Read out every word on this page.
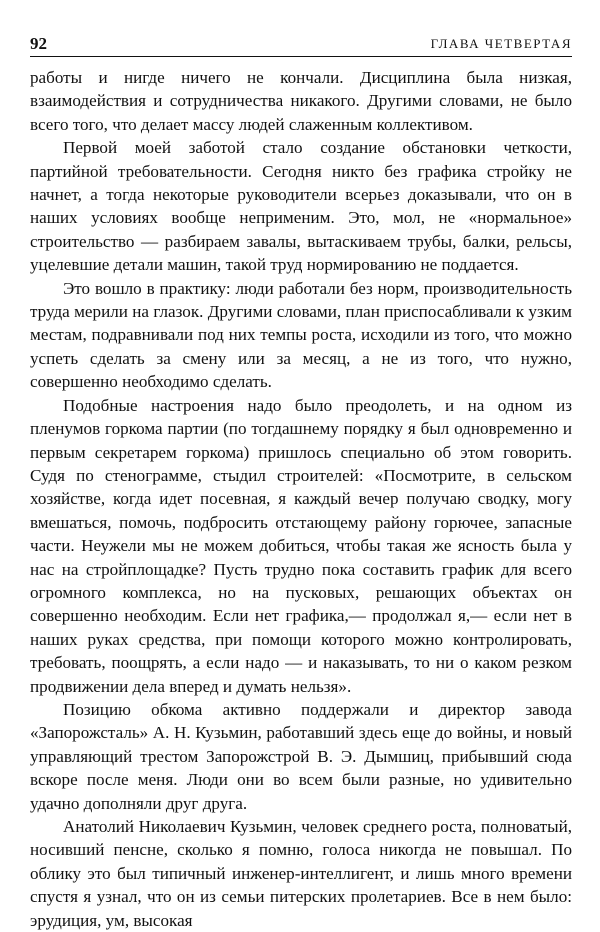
92	ГЛАВА ЧЕТВЕРТАЯ

работы и нигде ничего не кончали. Дисциплина была низкая, взаимодействия и сотрудничества никакого. Другими словами, не было всего того, что делает массу людей слаженным коллективом.

Первой моей заботой стало создание обстановки четкости, партийной требовательности. Сегодня никто без графика стройку не начнет, а тогда некоторые руководители всерьез доказывали, что он в наших условиях вообще неприменим. Это, мол, не «нормальное» строительство — разбираем завалы, вытаскиваем трубы, балки, рельсы, уцелевшие детали машин, такой труд нормированию не поддается.

Это вошло в практику: люди работали без норм, производительность труда мерили на глазок. Другими словами, план приспосабливали к узким местам, подравнивали под них темпы роста, исходили из того, что можно успеть сделать за смену или за месяц, а не из того, что нужно, совершенно необходимо сделать.

Подобные настроения надо было преодолеть, и на одном из пленумов горкома партии (по тогдашнему порядку я был одновременно и первым секретарем горкома) пришлось специально об этом говорить. Судя по стенограмме, стыдил строителей: «Посмотрите, в сельском хозяйстве, когда идет посевная, я каждый вечер получаю сводку, могу вмешаться, помочь, подбросить отстающему району горючее, запасные части. Неужели мы не можем добиться, чтобы такая же ясность была у нас на стройплощадке? Пусть трудно пока составить график для всего огромного комплекса, но на пусковых, решающих объектах он совершенно необходим. Если нет графика,— продолжал я,— если нет в наших руках средства, при помощи которого можно контролировать, требовать, поощрять, а если надо — и наказывать, то ни о каком резком продвижении дела вперед и думать нельзя».

Позицию обкома активно поддержали и директор завода «Запорожсталь» А. Н. Кузьмин, работавший здесь еще до войны, и новый управляющий трестом Запорожстрой В. Э. Дымшиц, прибывший сюда вскоре после меня. Люди они во всем были разные, но удивительно удачно дополняли друг друга.

Анатолий Николаевич Кузьмин, человек среднего роста, полноватый, носивший пенсне, сколько я помню, голоса никогда не повышал. По облику это был типичный инженер-интеллигент, и лишь много времени спустя я узнал, что он из семьи питерских пролетариев. Все в нем было: эрудиция, ум, высокая
